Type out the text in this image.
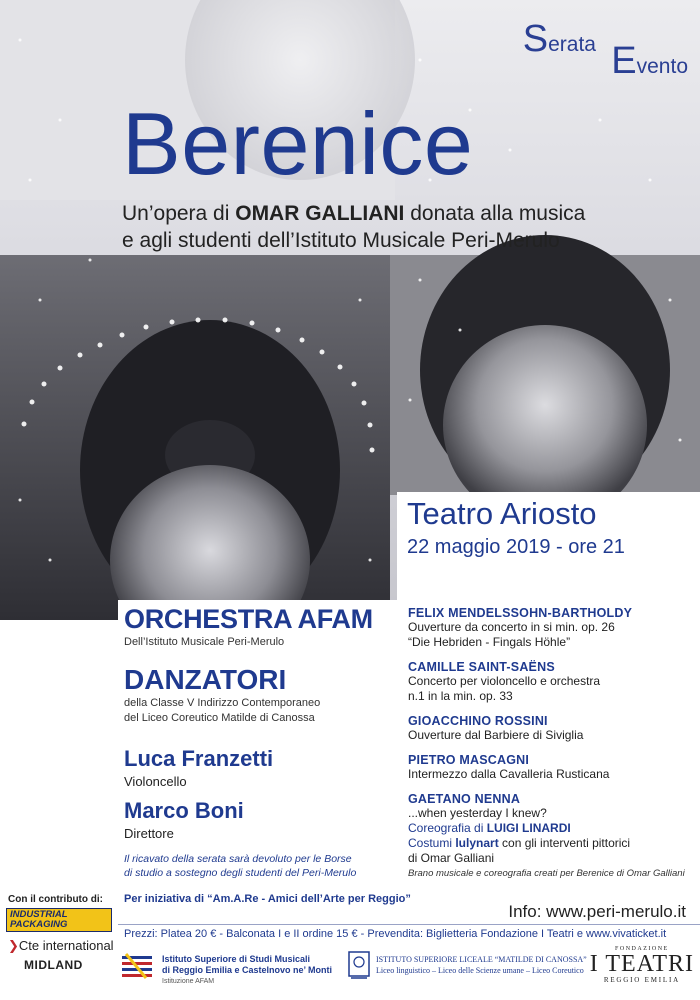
Serata Evento
Berenice
Un’opera di OMAR GALLIANI donata alla musica
e agli studenti dell’Istituto Musicale Peri-Merulo
Teatro Ariosto
22 maggio 2019 - ore 21
ORCHESTRA AFAM
Dell’Istituto Musicale Peri-Merulo
DANZATORI
della Classe V Indirizzo Contemporaneo
del Liceo Coreutico Matilde di Canossa
Luca Franzetti
Violoncello
Marco Boni
Direttore
Il ricavato della serata sarà devoluto per le Borse
di studio a sostegno degli studenti del Peri-Merulo
Per iniziativa di “Am.A.Re - Amici dell’Arte per Reggio”
FELIX MENDELSSOHN-BARTHOLDY
Ouverture da concerto in si min. op. 26
“Die Hebriden - Fingals Höhle”
CAMILLE SAINT-SAËNS
Concerto per violoncello e orchestra
n.1 in la min. op. 33
GIOACCHINO ROSSINI
Ouverture dal Barbiere di Siviglia
PIETRO MASCAGNI
Intermezzo dalla Cavalleria Rusticana
GAETANO NENNA
...when yesterday I knew?
Coreografia di LUIGI LINARDI
Costumi lulynart con gli interventi pittorici
di Omar Galliani
Brano musicale e coreografia creati per Berenice di Omar Galliani
Info: www.peri-merulo.it
Con il contributo di:
INDUSTRIAL
PACKAGING
❯Cte international
MIDLAND
Prezzi: Platea 20 € - Balconata I e II ordine 15 € - Prevendita: Biglietteria Fondazione I Teatri e www.vivaticket.it
Istituto Superiore di Studi Musicali
di Reggio Emilia e Castelnovo ne’ Monti
Istituzione AFAM
ISTITUTO SUPERIORE LICEALE “MATILDE DI CANOSSA”
Liceo linguistico – Liceo delle Scienze umane – Liceo Coreutico
FONDAZIONE
I TEATRI
REGGIO EMILIA
